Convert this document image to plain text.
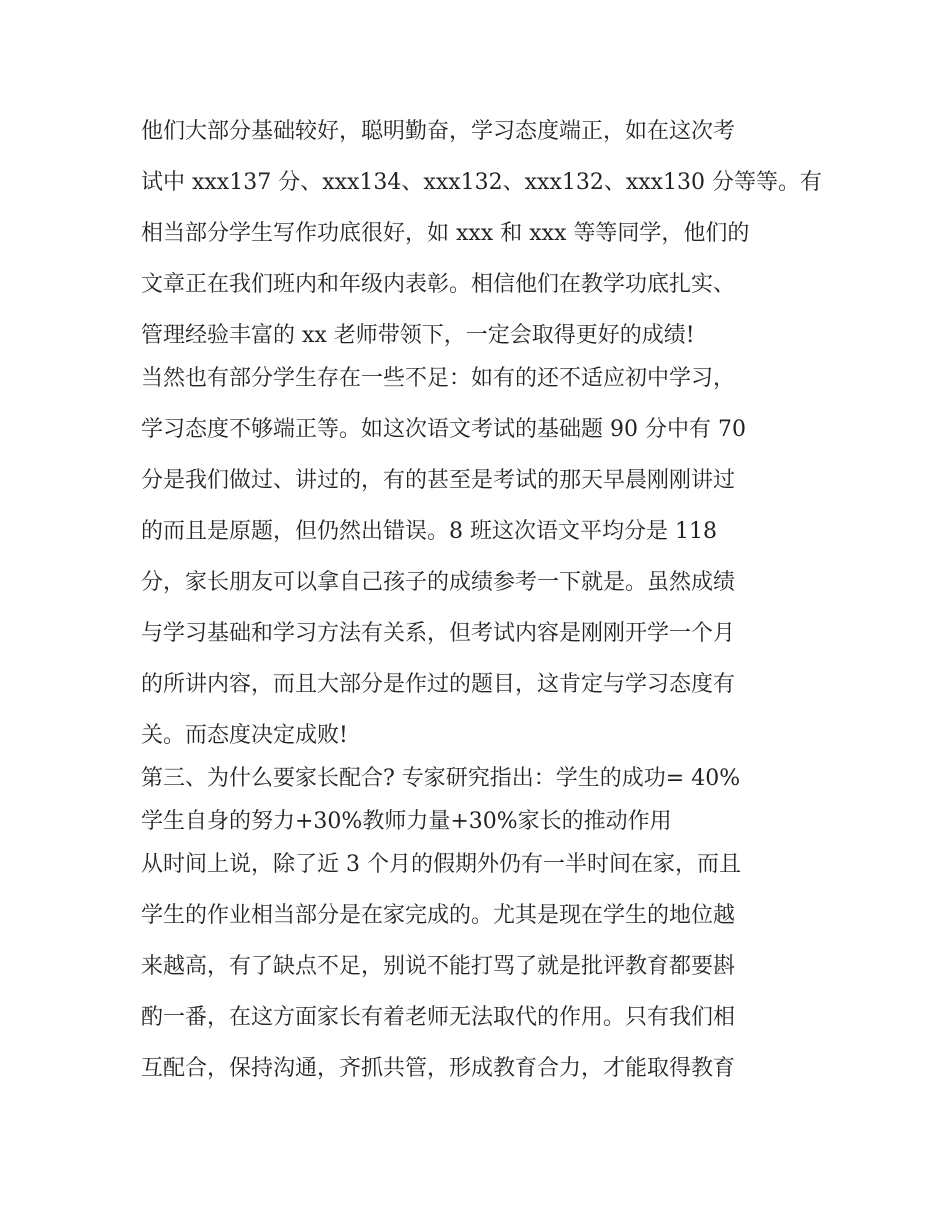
他们大部分基础较好，聪明勤奋，学习态度端正，如在这次考
试中 xxx137 分、xxx134、xxx132、xxx132、xxx130 分等等。有
相当部分学生写作功底很好，如 xxx 和 xxx 等等同学，他们的
文章正在我们班内和年级内表彰。相信他们在教学功底扎实、
管理经验丰富的 xx 老师带领下，一定会取得更好的成绩!
当然也有部分学生存在一些不足：如有的还不适应初中学习，
学习态度不够端正等。如这次语文考试的基础题 90 分中有 70
分是我们做过、讲过的，有的甚至是考试的那天早晨刚刚讲过
的而且是原题，但仍然出错误。8 班这次语文平均分是 118
分，家长朋友可以拿自己孩子的成绩参考一下就是。虽然成绩
与学习基础和学习方法有关系，但考试内容是刚刚开学一个月
的所讲内容，而且大部分是作过的题目，这肯定与学习态度有
关。而态度决定成败!
第三、为什么要家长配合? 专家研究指出：学生的成功= 40%
学生自身的努力+30%教师力量+30%家长的推动作用
从时间上说，除了近 3 个月的假期外仍有一半时间在家，而且
学生的作业相当部分是在家完成的。尤其是现在学生的地位越
来越高，有了缺点不足，别说不能打骂了就是批评教育都要斟
酌一番，在这方面家长有着老师无法取代的作用。只有我们相
互配合，保持沟通，齐抓共管，形成教育合力，才能取得教育
